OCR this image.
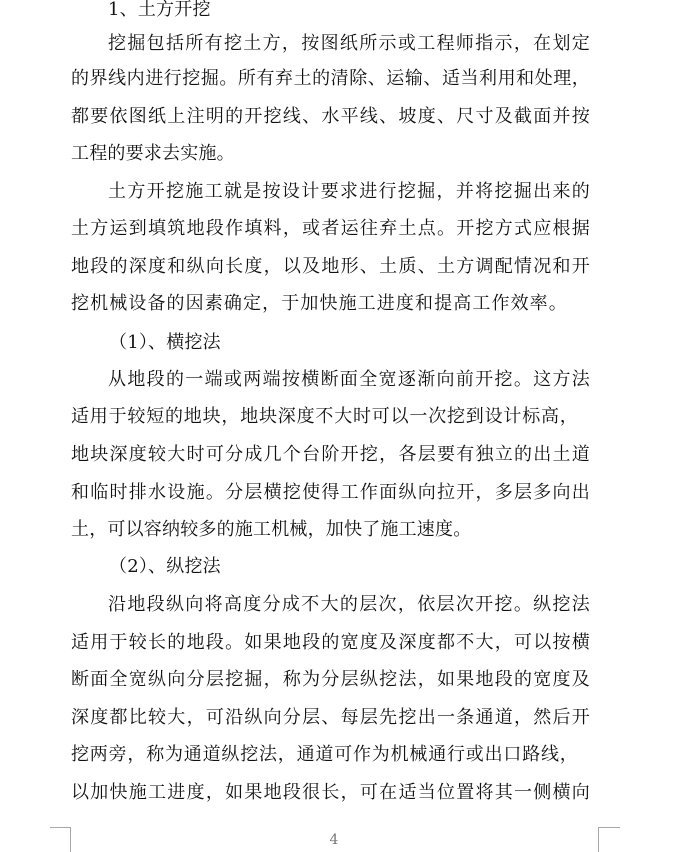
1、土方开挖
挖掘包括所有挖土方，按图纸所示或工程师指示，在划定
的界线内进行挖掘。所有弃土的清除、运输、适当利用和处理，
都要依图纸上注明的开挖线、水平线、坡度、尺寸及截面并按
工程的要求去实施。
土方开挖施工就是按设计要求进行挖掘，并将挖掘出来的
土方运到填筑地段作填料，或者运往弃土点。开挖方式应根据
地段的深度和纵向长度，以及地形、土质、土方调配情况和开
挖机械设备的因素确定，于加快施工进度和提高工作效率。
（1）、横挖法
从地段的一端或两端按横断面全宽逐渐向前开挖。这方法
适用于较短的地块，地块深度不大时可以一次挖到设计标高，
地块深度较大时可分成几个台阶开挖，各层要有独立的出土道
和临时排水设施。分层横挖使得工作面纵向拉开，多层多向出
土，可以容纳较多的施工机械，加快了施工速度。
（2）、纵挖法
沿地段纵向将高度分成不大的层次，依层次开挖。纵挖法
适用于较长的地段。如果地段的宽度及深度都不大，可以按横
断面全宽纵向分层挖掘，称为分层纵挖法，如果地段的宽度及
深度都比较大，可沿纵向分层、每层先挖出一条通道，然后开
挖两旁，称为通道纵挖法，通道可作为机械通行或出口路线，
以加快施工进度，如果地段很长，可在适当位置将其一侧横向
4
